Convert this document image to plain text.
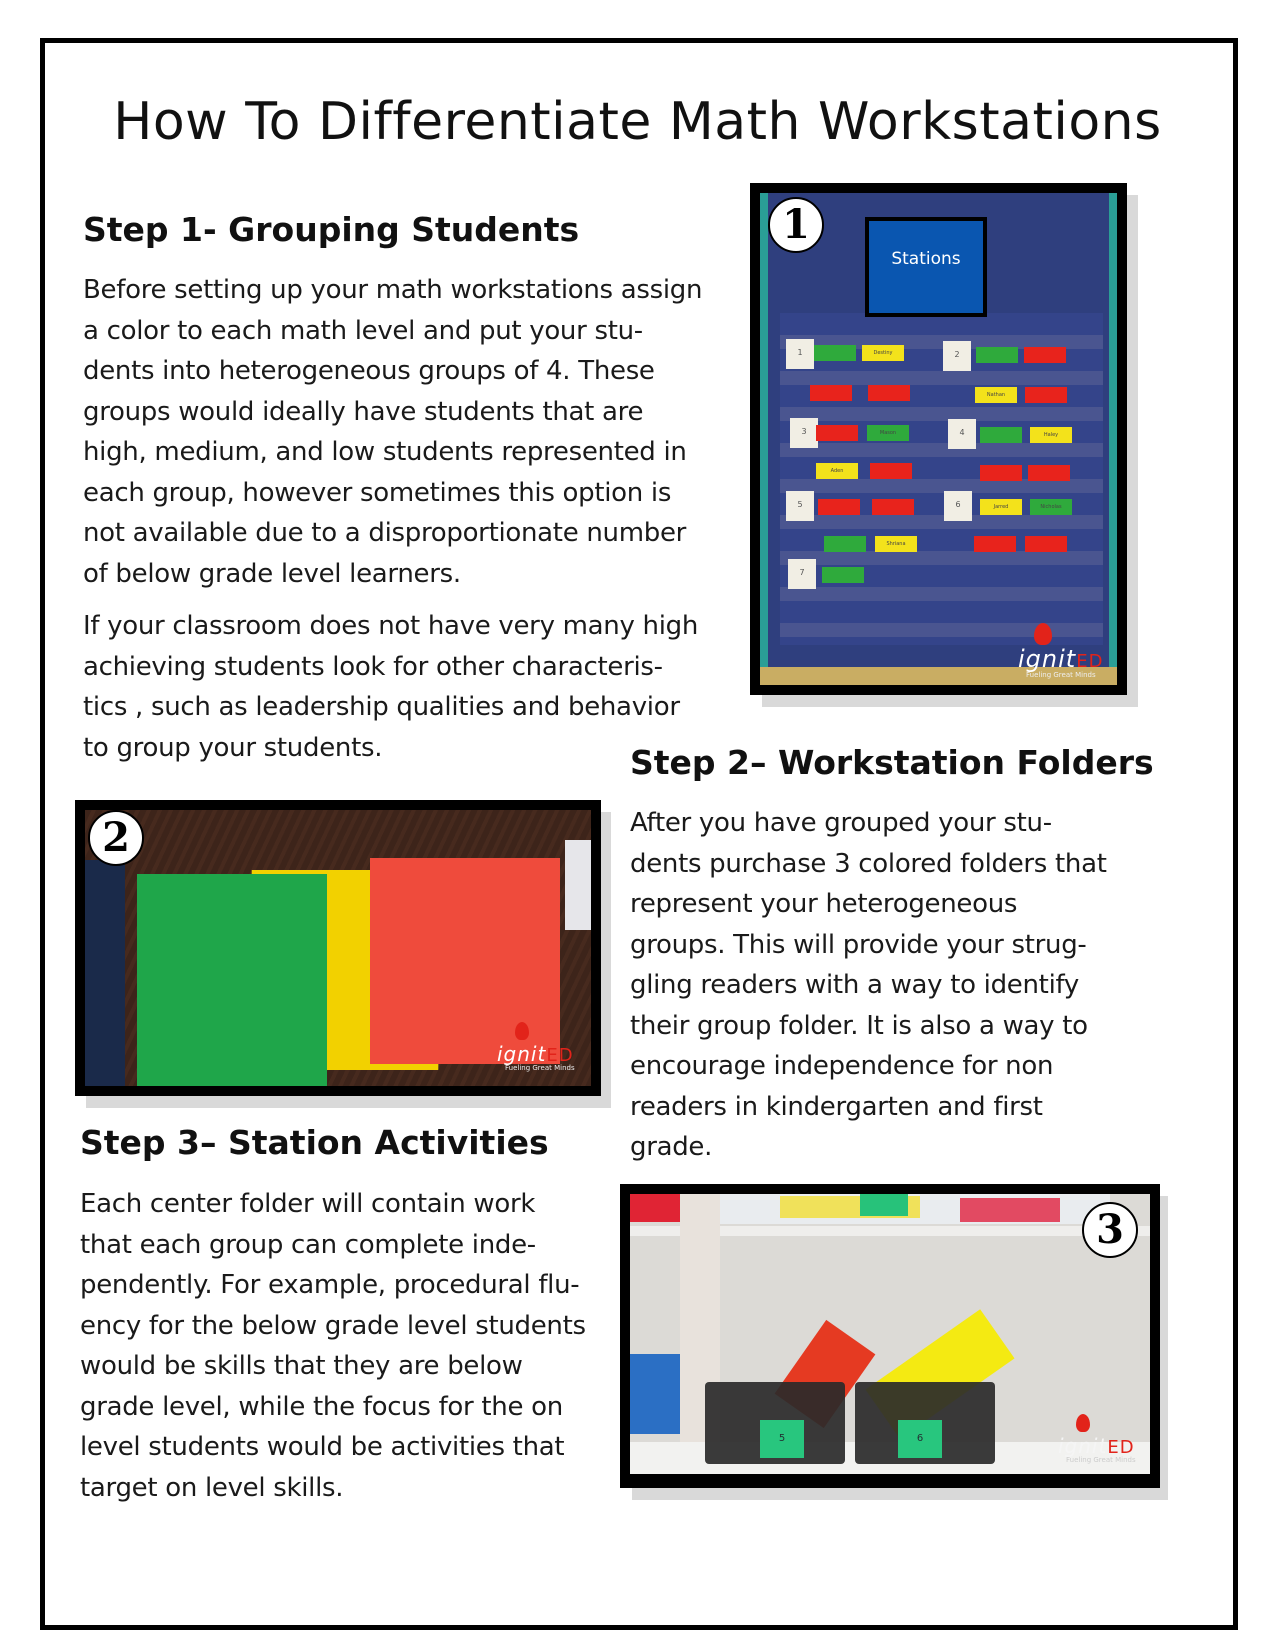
How To Differentiate Math Workstations
Step 1- Grouping Students
Before setting up your math workstations assign
a color to each math level and put your stu-
dents into heterogeneous groups of 4. These
groups would ideally have students that are
high, medium, and low students represented in
each group, however sometimes this option is
not available due to a disproportionate number
of below grade level learners.
If your classroom does not have very many high
achieving students look for other characteris-
tics , such as leadership qualities and behavior
to group your students.
Stations
1	Destiny	2
Nathan
3	Mason	4	Haley
Aden
5	6	Jarred	Nicholas
Shriana
7
ignitED
Fueling Great Minds
1
Step 2– Workstation Folders
After you have grouped your stu-
dents purchase 3 colored folders that
represent your heterogeneous
groups. This will provide your strug-
gling readers with a way to identify
their group folder. It is also a way to
encourage independence for non
readers in kindergarten and first
grade.
ignitED
Fueling Great Minds
2
Step 3– Station Activities
Each center folder will contain work
that each group can complete inde-
pendently. For example, procedural flu-
ency for the below grade level students
would be skills that they are below
grade level, while the focus for the on
level students would be activities that
target on level skills.
5	6	ignitED
Fueling Great Minds
3
